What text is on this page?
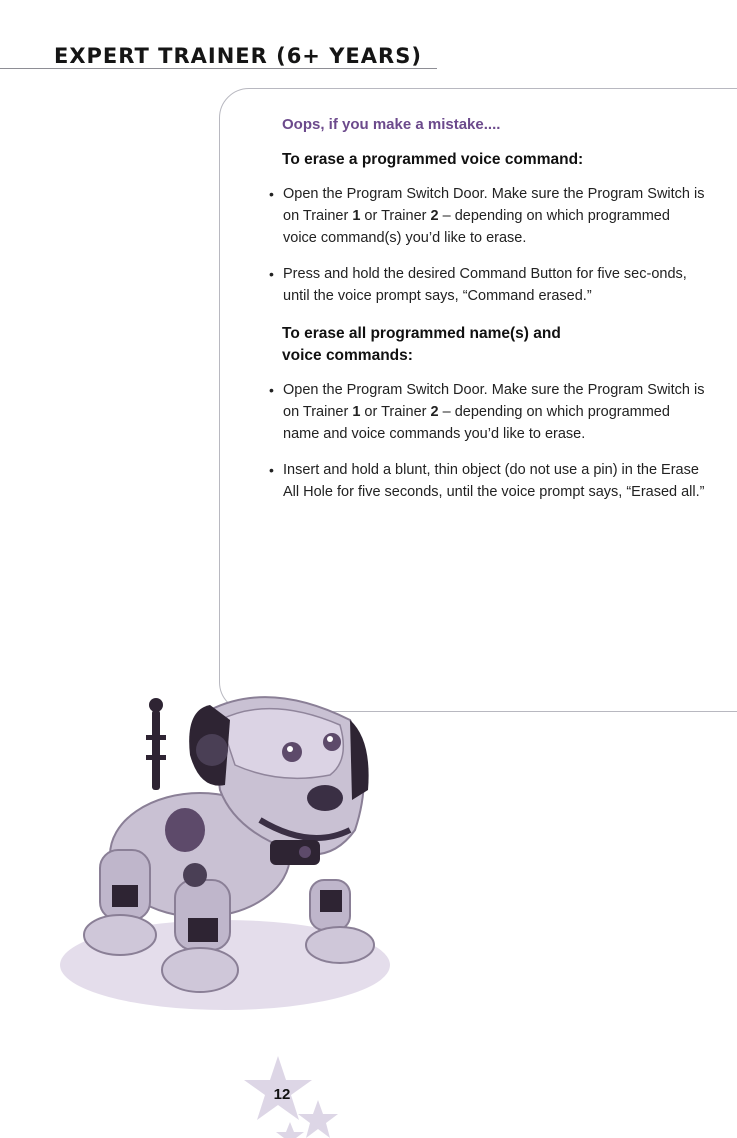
EXPERT TRAINER (6+ YEARS)
Oops, if you make a mistake....
To erase a programmed voice command:
• Open the Program Switch Door. Make sure the Program Switch is on Trainer 1 or Trainer 2 – depending on which programmed voice command(s) you’d like to erase.
• Press and hold the desired Command Button for five sec-onds, until the voice prompt says, “Command erased.”
To erase all programmed name(s) and voice commands:
• Open the Program Switch Door. Make sure the Program Switch is on Trainer 1 or Trainer 2 – depending on which programmed name and voice commands you’d like to erase.
• Insert and hold a blunt, thin object (do not use a pin) in the Erase All Hole for five seconds, until the voice prompt says, “Erased all.”
12
